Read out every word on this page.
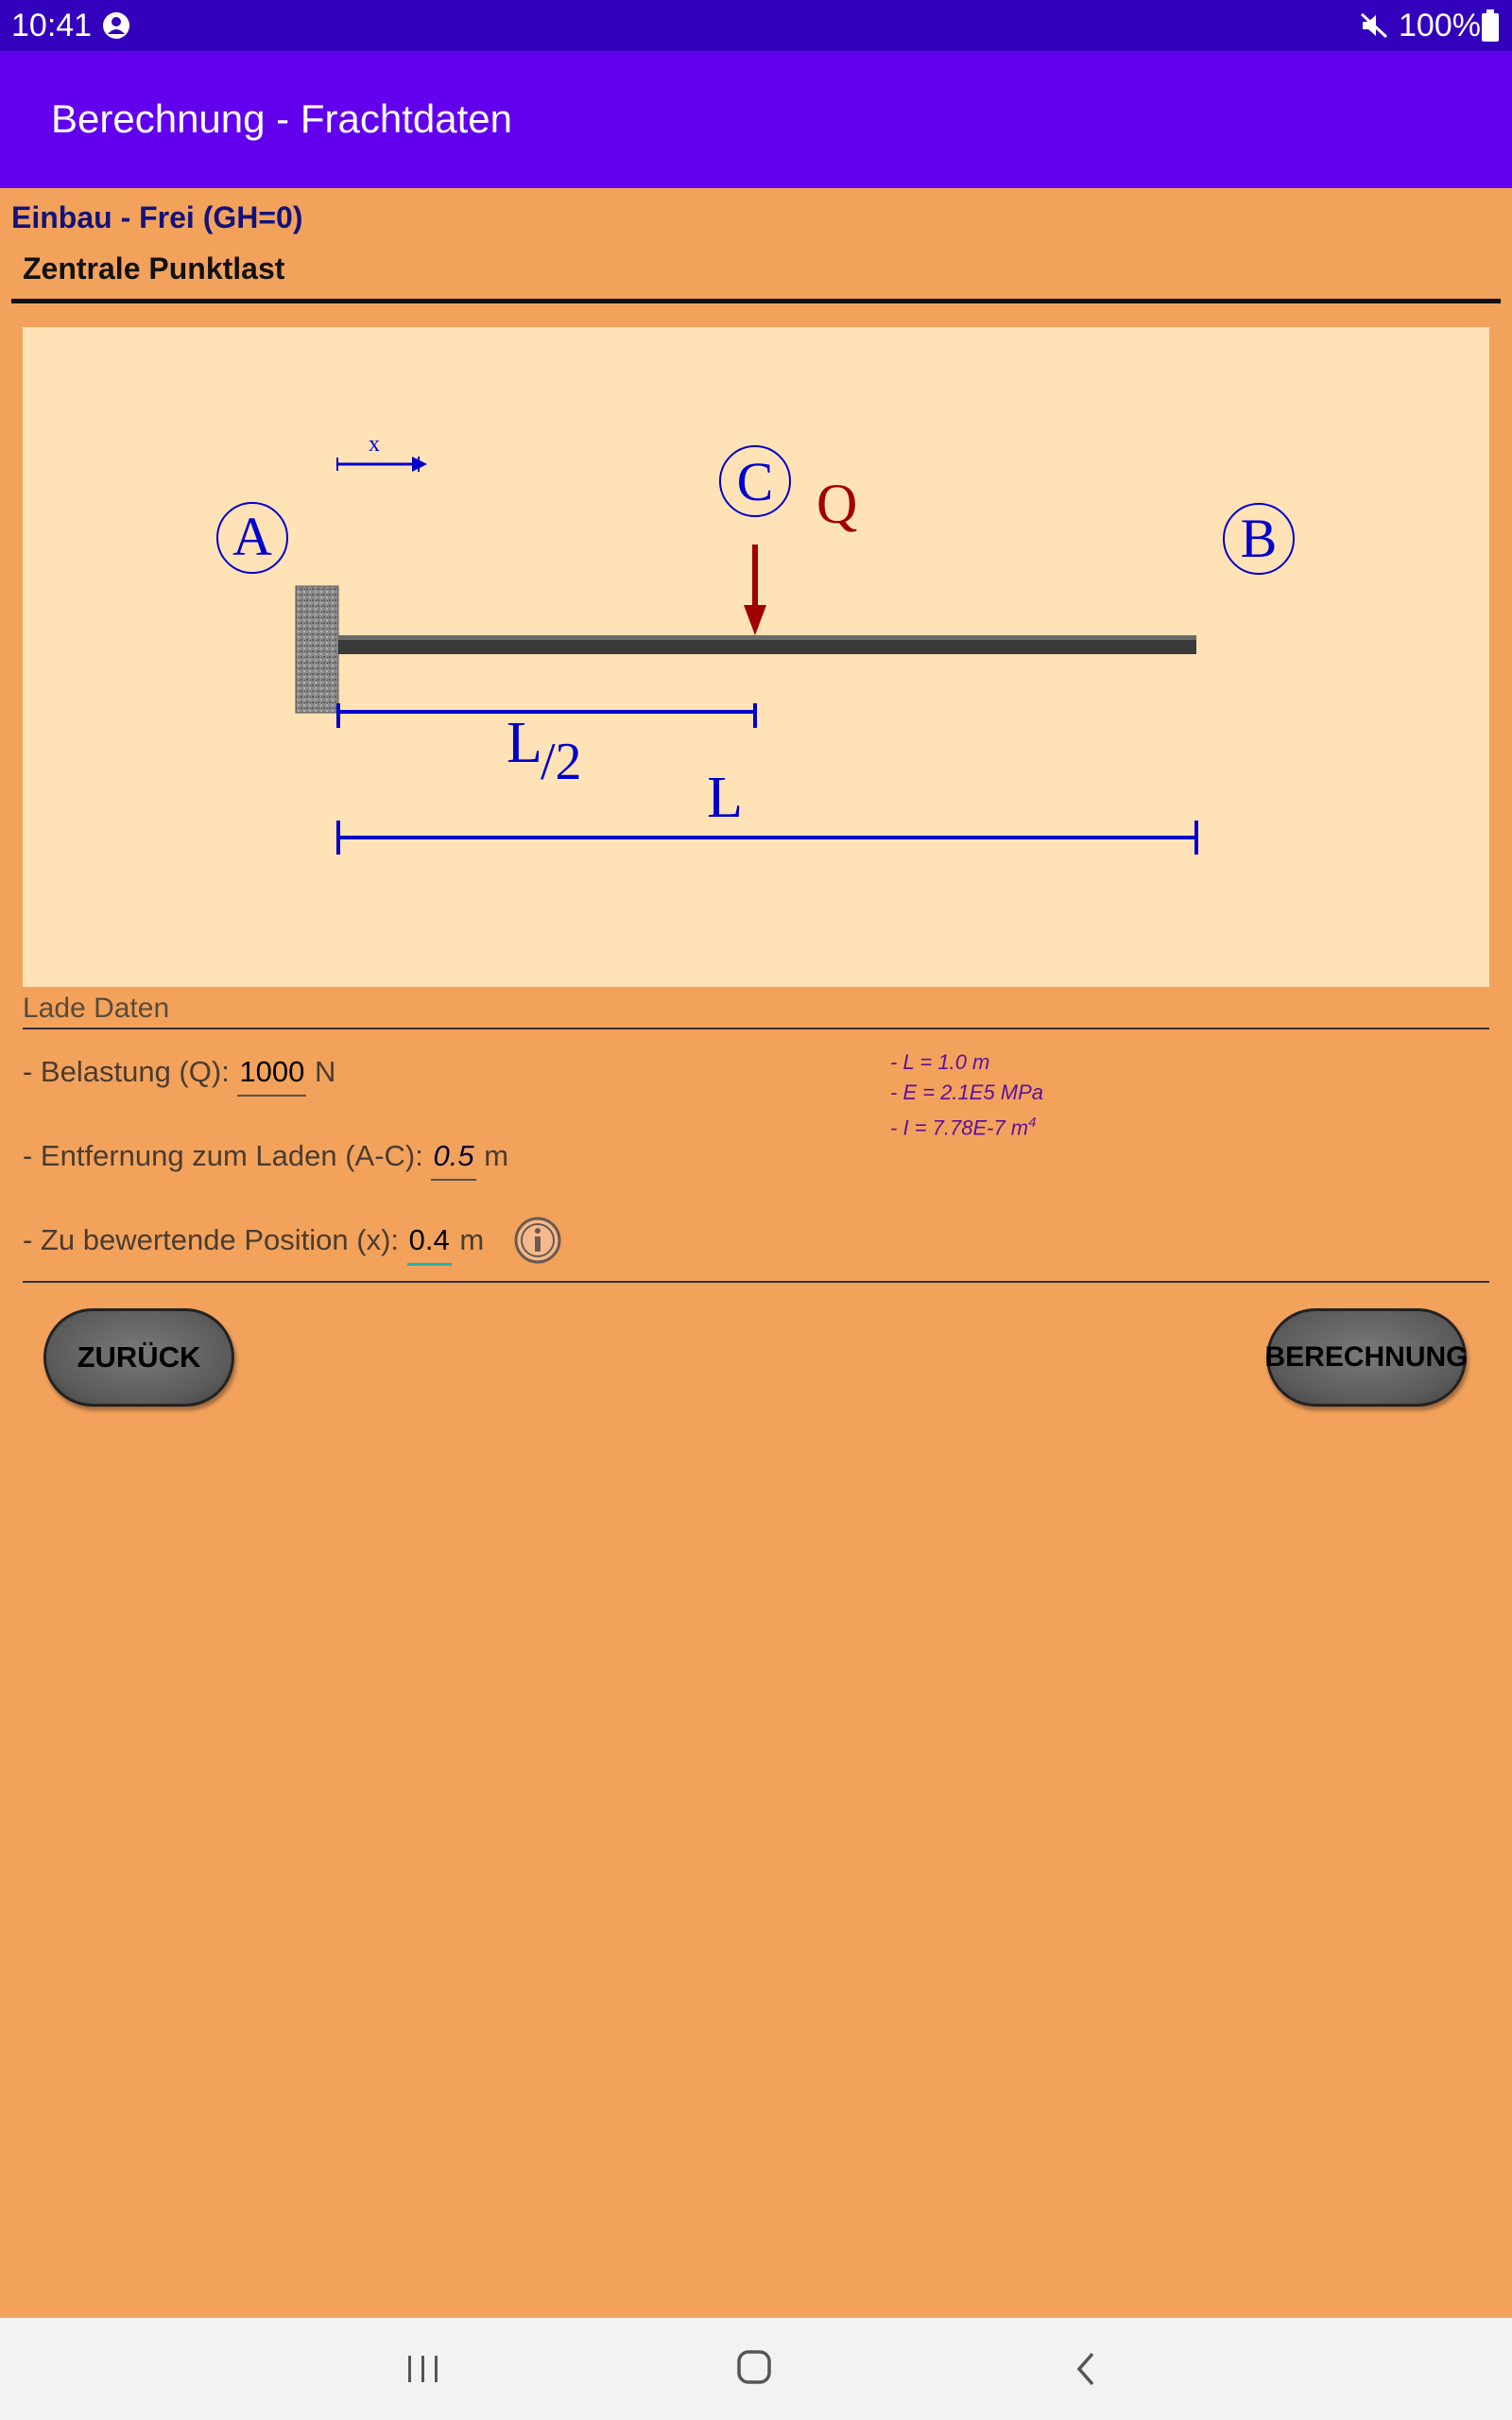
10:41	100%
Berechnung - Frachtdaten
Einbau - Frei (GH=0)
Zentrale Punktlast
x
A	B
C Q
L
/2
L
Lade Daten
- Belastung (Q): 1000 N
- Entfernung zum Laden (A-C): 0.5 m
- Zu bewertende Position (x): 0.4 m
- L = 1.0 m
- E = 2.1E5 MPa
- I = 7.78E-7 $m^4$
ZURÜCK	BERECHNUNG
